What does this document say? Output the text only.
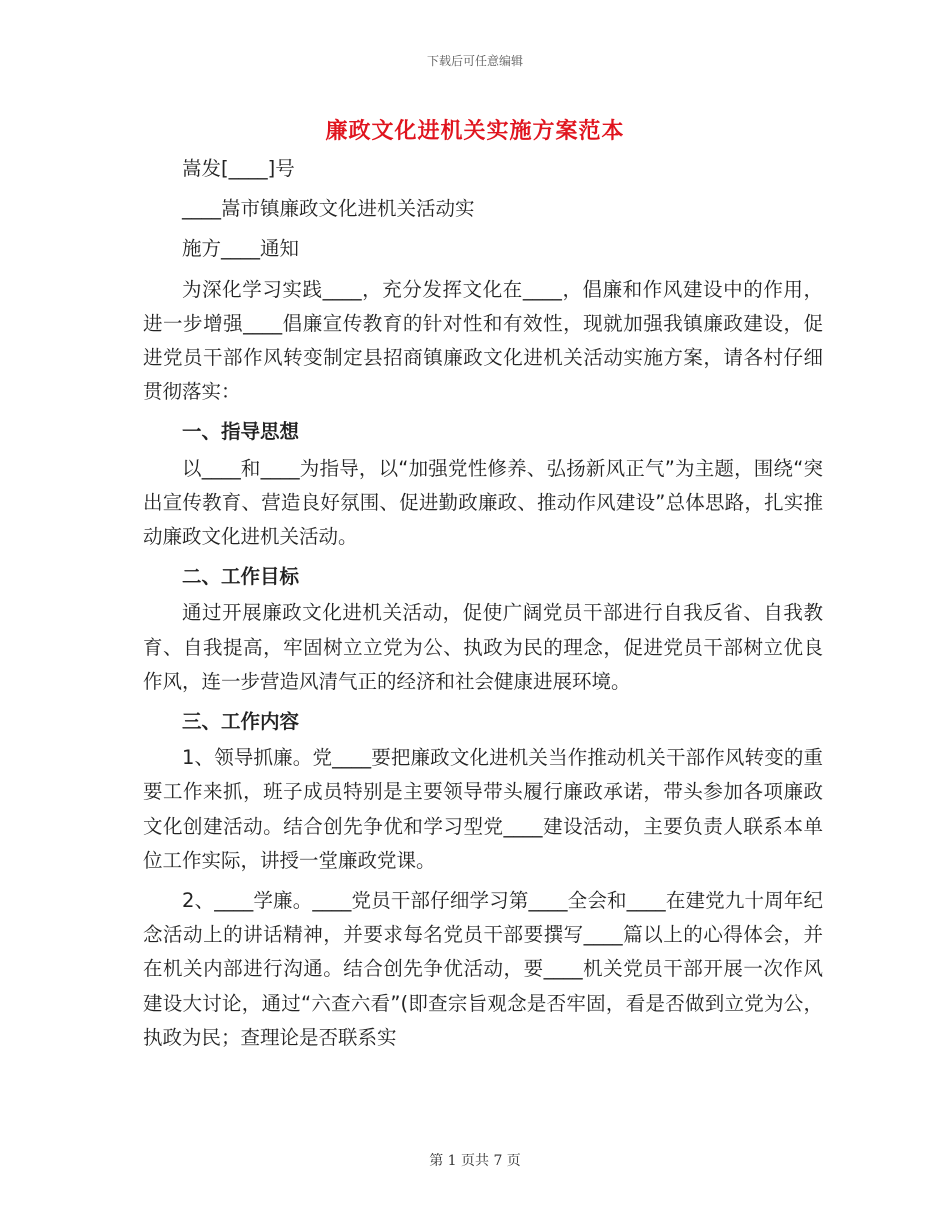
下载后可任意编辑
廉政文化进机关实施方案范本

嵩发[____]号

____嵩市镇廉政文化进机关活动实

施方____通知

为深化学习实践____，充分发挥文化在____，倡廉和作风建设中的作用，进一步增强____倡廉宣传教育的针对性和有效性，现就加强我镇廉政建设，促进党员干部作风转变制定县招商镇廉政文化进机关活动实施方案，请各村仔细贯彻落实：

一、指导思想

以____和____为指导，以“加强党性修养、弘扬新风正气”为主题，围绕“突出宣传教育、营造良好氛围、促进勤政廉政、推动作风建设”总体思路，扎实推动廉政文化进机关活动。

二、工作目标

通过开展廉政文化进机关活动，促使广阔党员干部进行自我反省、自我教育、自我提高，牢固树立立党为公、执政为民的理念，促进党员干部树立优良作风，连一步营造风清气正的经济和社会健康进展环境。

三、工作内容

1、领导抓廉。党____要把廉政文化进机关当作推动机关干部作风转变的重要工作来抓，班子成员特别是主要领导带头履行廉政承诺，带头参加各项廉政文化创建活动。结合创先争优和学习型党____建设活动，主要负责人联系本单位工作实际，讲授一堂廉政党课。

2、____学廉。____党员干部仔细学习第____全会和____在建党九十周年纪念活动上的讲话精神，并要求每名党员干部要撰写____篇以上的心得体会，并在机关内部进行沟通。结合创先争优活动，要____机关党员干部开展一次作风建设大讨论，通过“六查六看”(即查宗旨观念是否牢固，看是否做到立党为公，执政为民；查理论是否联系实

第 1 页共 7 页
